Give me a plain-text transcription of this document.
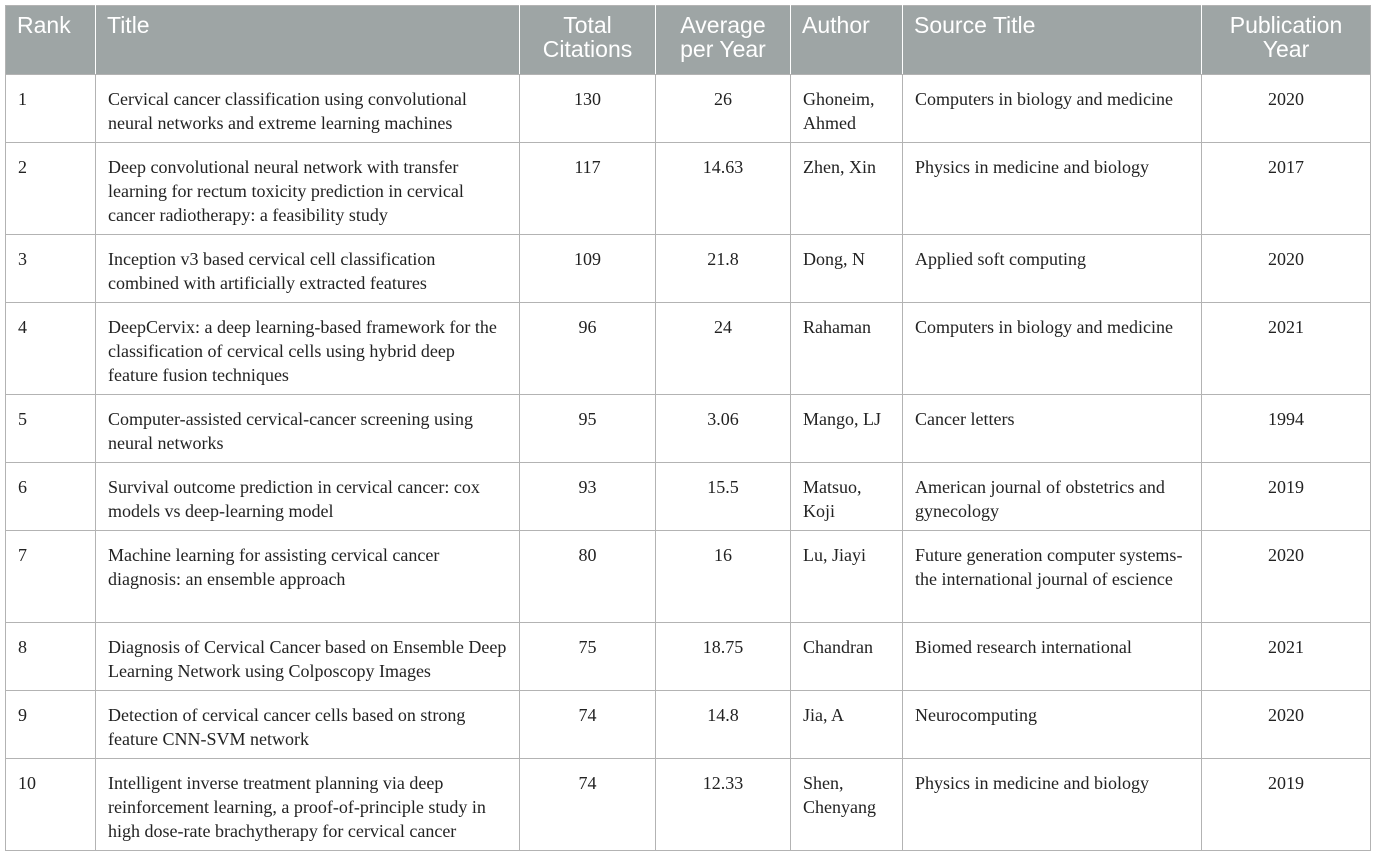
Rank	Title	Total Citations	Average per Year	Author	Source Title	Publication Year
1	Cervical cancer classification using convolutional neural networks and extreme learning machines	130	26	Ghoneim, Ahmed	Computers in biology and medicine	2020
2	Deep convolutional neural network with transfer learning for rectum toxicity prediction in cervical cancer radiotherapy: a feasibility study	117	14.63	Zhen, Xin	Physics in medicine and biology	2017
3	Inception v3 based cervical cell classification combined with artificially extracted features	109	21.8	Dong, N	Applied soft computing	2020
4	DeepCervix: a deep learning-based framework for the classification of cervical cells using hybrid deep feature fusion techniques	96	24	Rahaman	Computers in biology and medicine	2021
5	Computer-assisted cervical-cancer screening using neural networks	95	3.06	Mango, LJ	Cancer letters	1994
6	Survival outcome prediction in cervical cancer: cox models vs deep-learning model	93	15.5	Matsuo, Koji	American journal of obstetrics and gynecology	2019
7	Machine learning for assisting cervical cancer diagnosis: an ensemble approach	80	16	Lu, Jiayi	Future generation computer systems-the international journal of escience	2020
8	Diagnosis of Cervical Cancer based on Ensemble Deep Learning Network using Colposcopy Images	75	18.75	Chandran	Biomed research international	2021
9	Detection of cervical cancer cells based on strong feature CNN-SVM network	74	14.8	Jia, A	Neurocomputing	2020
10	Intelligent inverse treatment planning via deep reinforcement learning, a proof-of-principle study in high dose-rate brachytherapy for cervical cancer	74	12.33	Shen, Chenyang	Physics in medicine and biology	2019
